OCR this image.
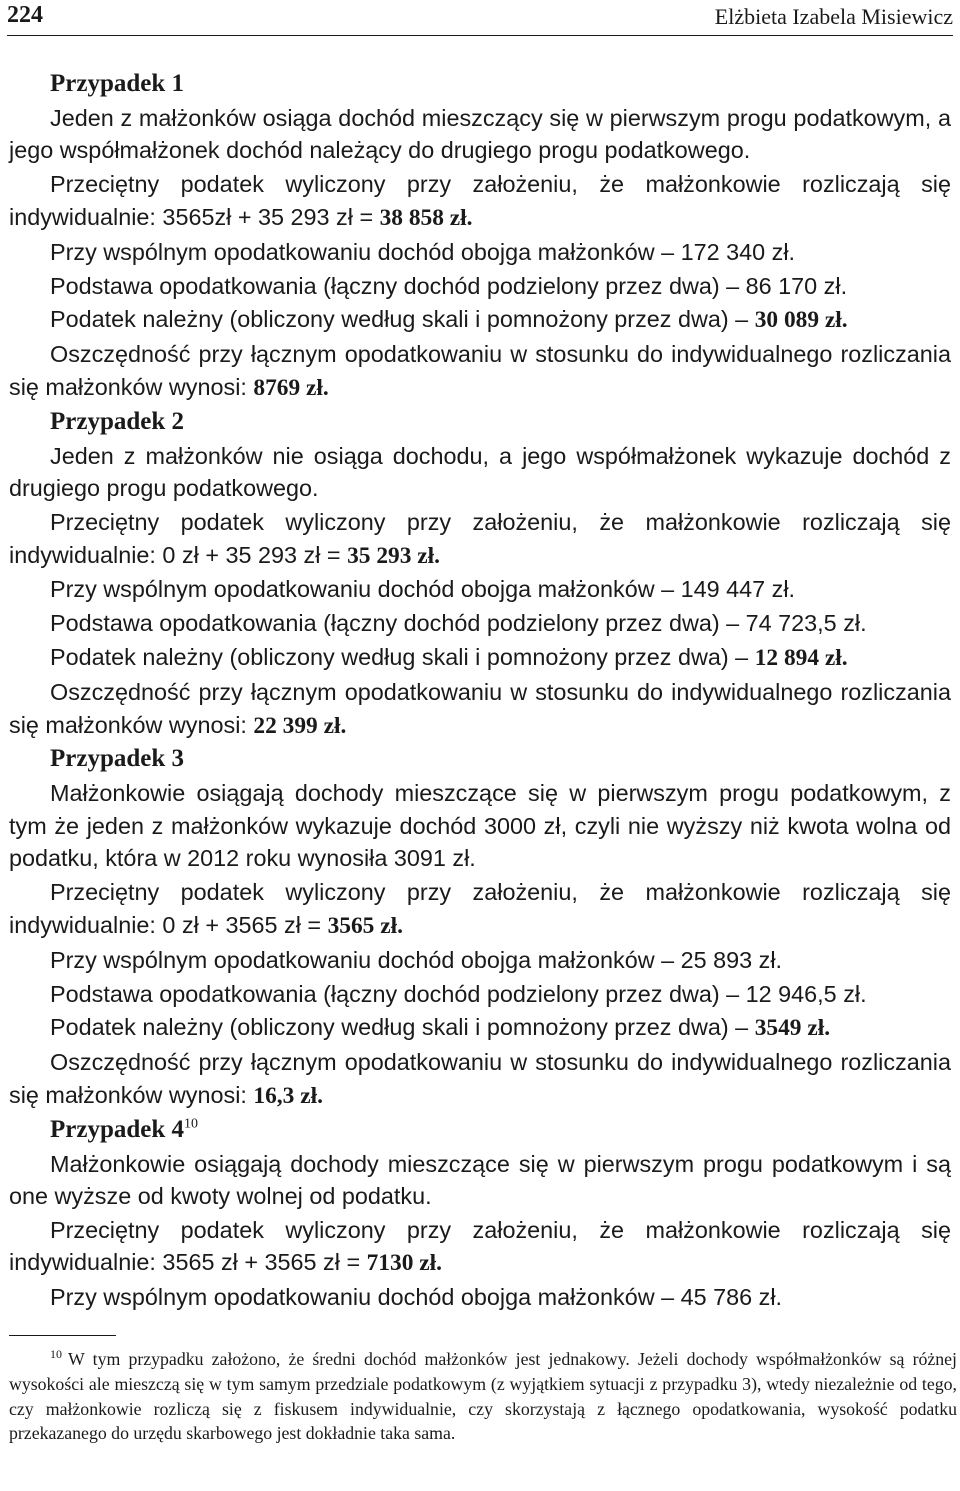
224	Elżbieta Izabela Misiewicz

Przypadek 1

Jeden z małżonków osiąga dochód mieszczący się w pierwszym progu podatkowym, a jego współmałżonek dochód należący do drugiego progu podatkowego.

Przeciętny podatek wyliczony przy założeniu, że małżonkowie rozliczają się indywidualnie: 3565zł + 35 293 zł = 38 858 zł.

Przy wspólnym opodatkowaniu dochód obojga małżonków – 172 340 zł.

Podstawa opodatkowania (łączny dochód podzielony przez dwa) – 86 170 zł.

Podatek należny (obliczony według skali i pomnożony przez dwa) – 30 089 zł.

Oszczędność przy łącznym opodatkowaniu w stosunku do indywidualnego rozliczania się małżonków wynosi: 8769 zł.

Przypadek 2

Jeden z małżonków nie osiąga dochodu, a jego współmałżonek wykazuje dochód z drugiego progu podatkowego.

Przeciętny podatek wyliczony przy założeniu, że małżonkowie rozliczają się indywidualnie: 0 zł + 35 293 zł = 35 293 zł.

Przy wspólnym opodatkowaniu dochód obojga małżonków – 149 447 zł.

Podstawa opodatkowania (łączny dochód podzielony przez dwa) – 74 723,5 zł.

Podatek należny (obliczony według skali i pomnożony przez dwa) – 12 894 zł.

Oszczędność przy łącznym opodatkowaniu w stosunku do indywidualnego rozliczania się małżonków wynosi: 22 399 zł.

Przypadek 3

Małżonkowie osiągają dochody mieszczące się w pierwszym progu podatkowym, z tym że jeden z małżonków wykazuje dochód 3000 zł, czyli nie wyższy niż kwota wolna od podatku, która w 2012 roku wynosiła 3091 zł.

Przeciętny podatek wyliczony przy założeniu, że małżonkowie rozliczają się indywidualnie: 0 zł + 3565 zł = 3565 zł.

Przy wspólnym opodatkowaniu dochód obojga małżonków – 25 893 zł.

Podstawa opodatkowania (łączny dochód podzielony przez dwa) – 12 946,5 zł.

Podatek należny (obliczony według skali i pomnożony przez dwa) – 3549 zł.

Oszczędność przy łącznym opodatkowaniu w stosunku do indywidualnego rozliczania się małżonków wynosi: 16,3 zł.

Przypadek 4$^{10}$

Małżonkowie osiągają dochody mieszczące się w pierwszym progu podatkowym i są one wyższe od kwoty wolnej od podatku.

Przeciętny podatek wyliczony przy założeniu, że małżonkowie rozliczają się indywidualnie: 3565 zł + 3565 zł = 7130 zł.

Przy wspólnym opodatkowaniu dochód obojga małżonków – 45 786 zł.

$^{10}$ W tym przypadku założono, że średni dochód małżonków jest jednakowy. Jeżeli dochody współmałżonków są różnej wysokości ale mieszczą się w tym samym przedziale podatkowym (z wyjątkiem sytuacji z przypadku 3), wtedy niezależnie od tego, czy małżonkowie rozliczą się z fiskusem indywidualnie, czy skorzystają z łącznego opodatkowania, wysokość podatku przekazanego do urzędu skarbowego jest dokładnie taka sama.
